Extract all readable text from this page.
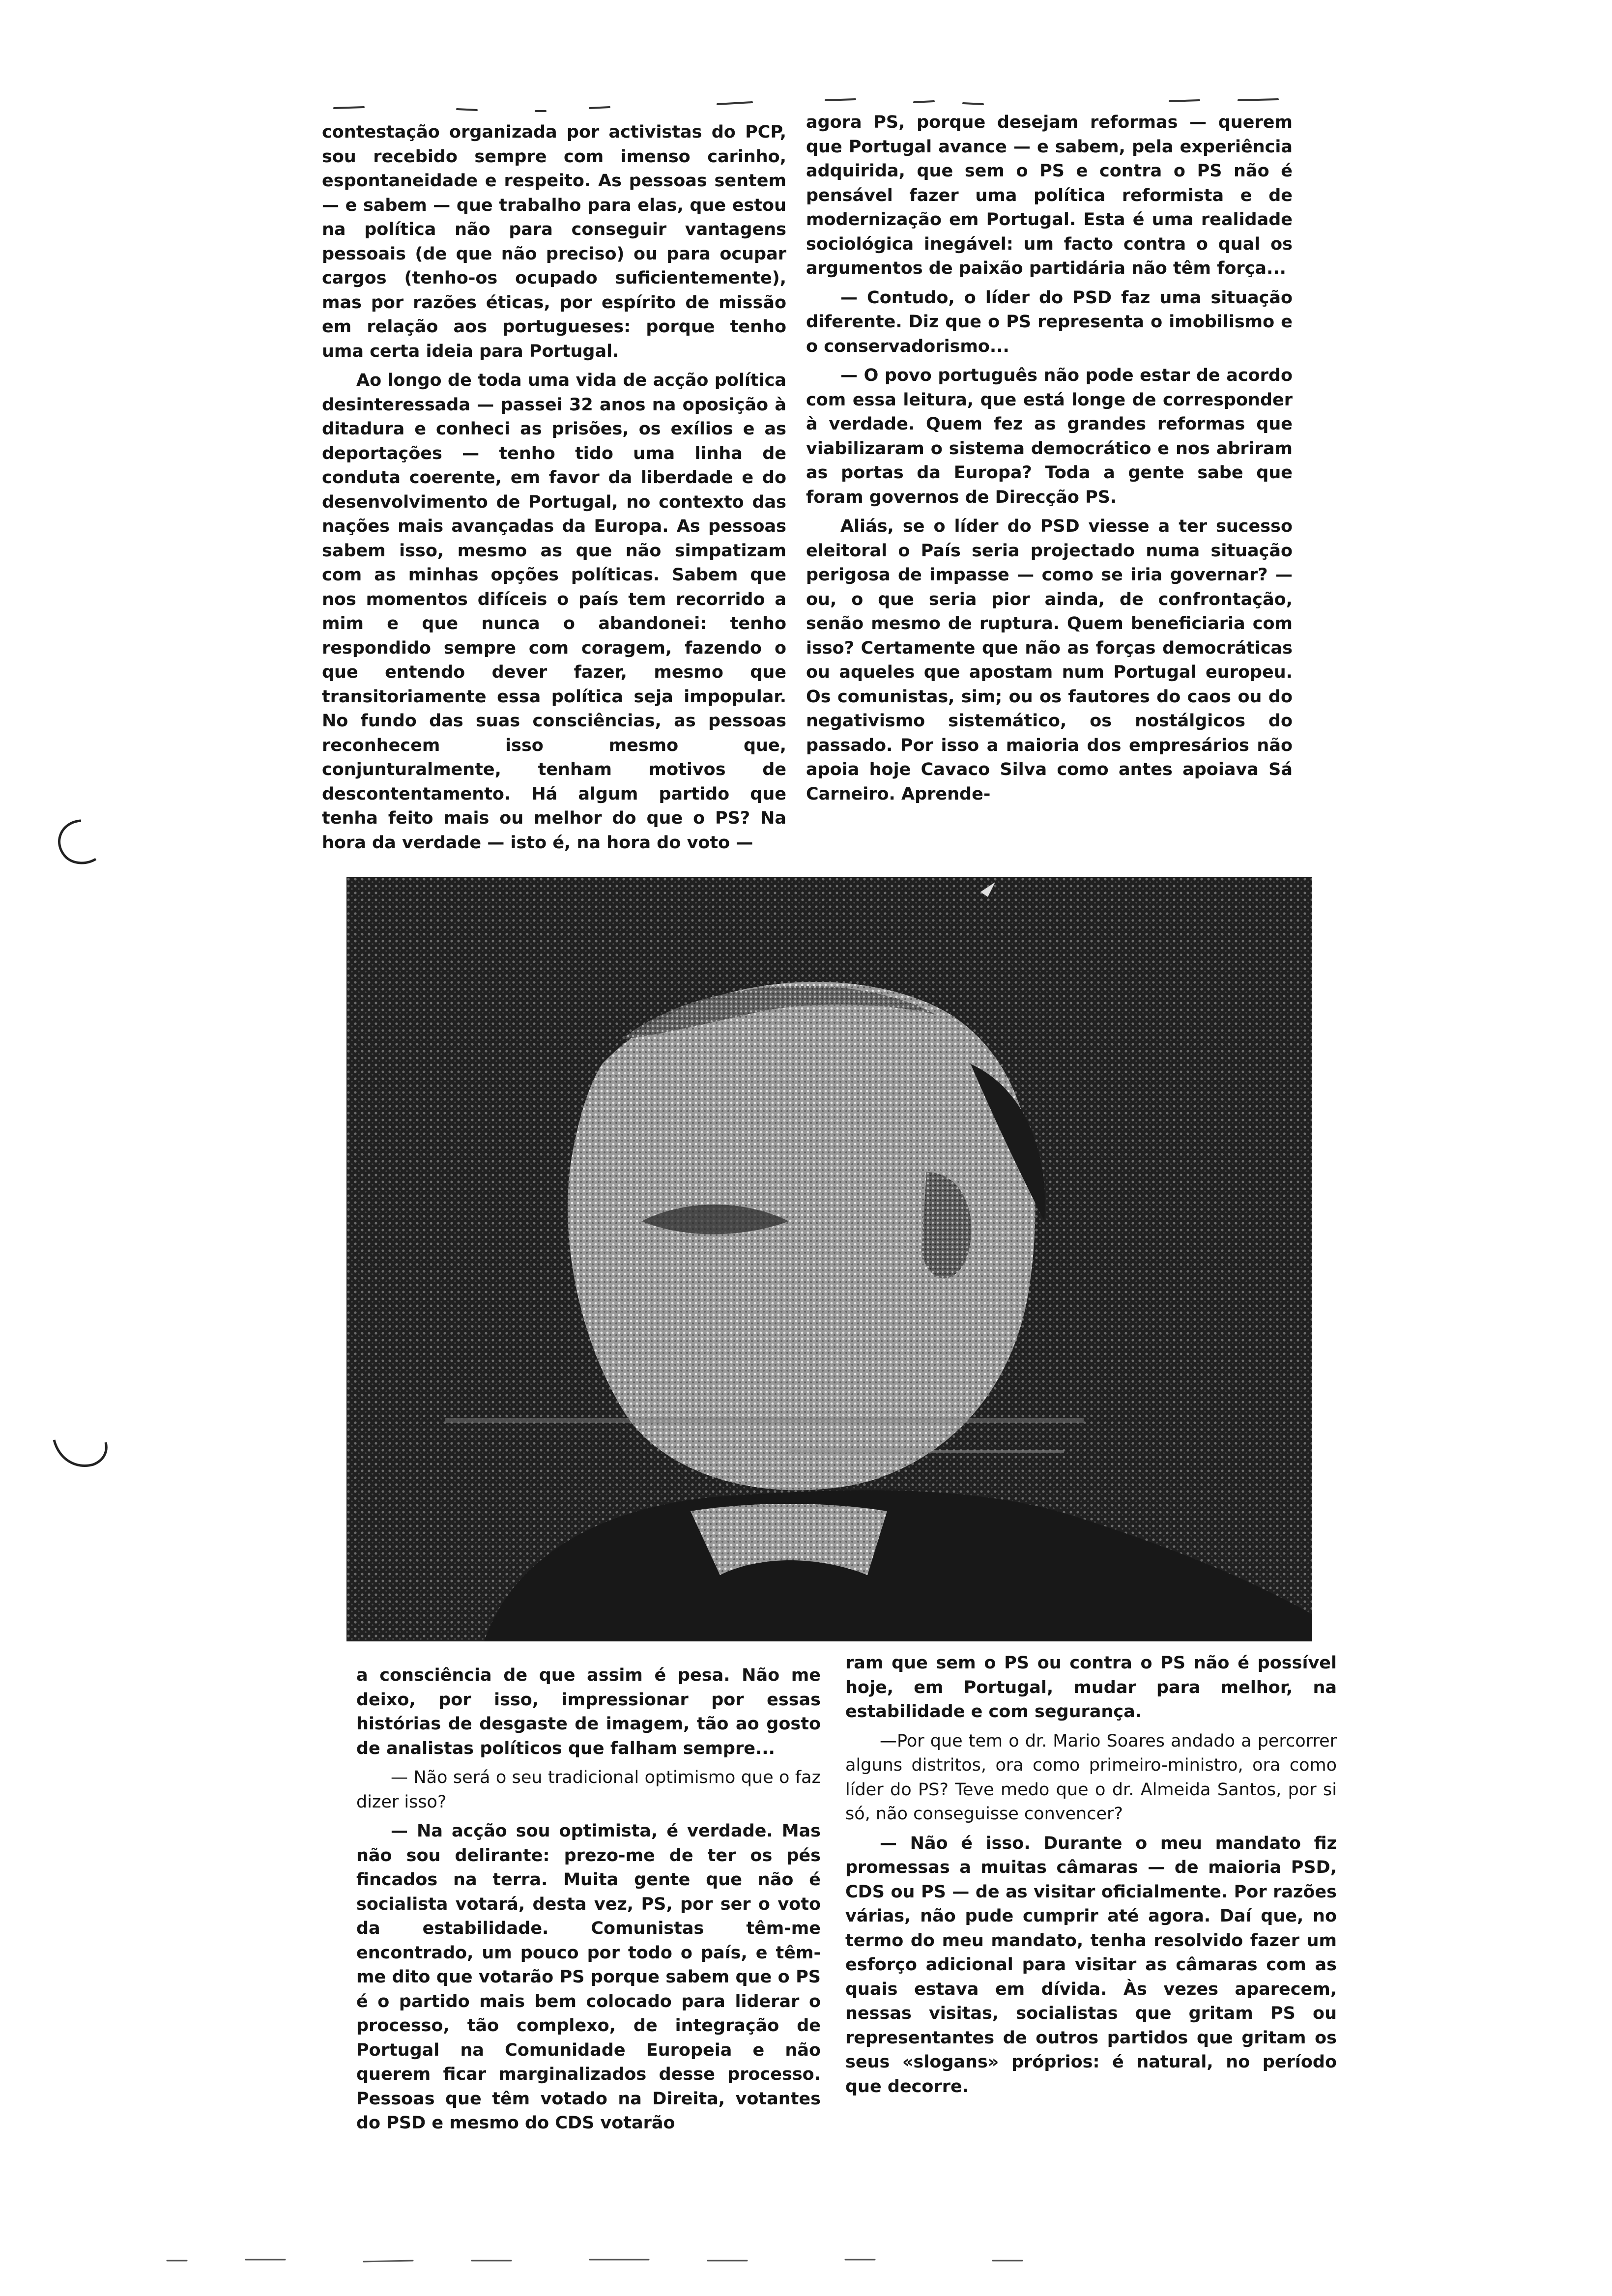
contestação organizada por activistas do PCP, sou recebido sempre com imenso carinho, espontaneidade e respeito. As pessoas sentem — e sabem — que trabalho para elas, que estou na política não para conseguir vantagens pessoais (de que não preciso) ou para ocupar cargos (tenho-os ocupado suficientemente), mas por razões éticas, por espírito de missão em relação aos portugueses: porque tenho uma certa ideia para Portugal.

Ao longo de toda uma vida de acção política desinteressada — passei 32 anos na oposição à ditadura e conheci as prisões, os exílios e as deportações — tenho tido uma linha de conduta coerente, em favor da liberdade e do desenvolvimento de Portugal, no contexto das nações mais avançadas da Europa. As pessoas sabem isso, mesmo as que não simpatizam com as minhas opções políticas. Sabem que nos momentos difíceis o país tem recorrido a mim e que nunca o abandonei: tenho respondido sempre com coragem, fazendo o que entendo dever fazer, mesmo que transitoriamente essa política seja impopular. No fundo das suas consciências, as pessoas reconhecem isso mesmo que, conjunturalmente, tenham motivos de descontentamento. Há algum partido que tenha feito mais ou melhor do que o PS? Na hora da verdade — isto é, na hora do voto —

agora PS, porque desejam reformas — querem que Portugal avance — e sabem, pela experiência adquirida, que sem o PS e contra o PS não é pensável fazer uma política reformista e de modernização em Portugal. Esta é uma realidade sociológica inegável: um facto contra o qual os argumentos de paixão partidária não têm força...

— Contudo, o líder do PSD faz uma situação diferente. Diz que o PS representa o imobilismo e o conservadorismo...

— O povo português não pode estar de acordo com essa leitura, que está longe de corresponder à verdade. Quem fez as grandes reformas que viabilizaram o sistema democrático e nos abriram as portas da Europa? Toda a gente sabe que foram governos de Direcção PS.

Aliás, se o líder do PSD viesse a ter sucesso eleitoral o País seria projectado numa situação perigosa de impasse — como se iria governar? — ou, o que seria pior ainda, de confrontação, senão mesmo de ruptura. Quem beneficiaria com isso? Certamente que não as forças democráticas ou aqueles que apostam num Portugal europeu. Os comunistas, sim; ou os fautores do caos ou do negativismo sistemático, os nostálgicos do passado. Por isso a maioria dos empresários não apoia hoje Cavaco Silva como antes apoiava Sá Carneiro. Aprende-

a consciência de que assim é pesa. Não me deixo, por isso, impressionar por essas histórias de desgaste de imagem, tão ao gosto de analistas políticos que falham sempre...

— Não será o seu tradicional optimismo que o faz dizer isso?

— Na acção sou optimista, é verdade. Mas não sou delirante: prezo-me de ter os pés fincados na terra. Muita gente que não é socialista votará, desta vez, PS, por ser o voto da estabilidade. Comunistas têm-me encontrado, um pouco por todo o país, e têm-me dito que votarão PS porque sabem que o PS é o partido mais bem colocado para liderar o processo, tão complexo, de integração de Portugal na Comunidade Europeia e não querem ficar marginalizados desse processo. Pessoas que têm votado na Direita, votantes do PSD e mesmo do CDS votarão

ram que sem o PS ou contra o PS não é possível hoje, em Portugal, mudar para melhor, na estabilidade e com segurança.

—Por que tem o dr. Mario Soares andado a percorrer alguns distritos, ora como primeiro-ministro, ora como líder do PS? Teve medo que o dr. Almeida Santos, por si só, não conseguisse convencer?

— Não é isso. Durante o meu mandato fiz promessas a muitas câmaras — de maioria PSD, CDS ou PS — de as visitar oficialmente. Por razões várias, não pude cumprir até agora. Daí que, no termo do meu mandato, tenha resolvido fazer um esforço adicional para visitar as câmaras com as quais estava em dívida. Às vezes aparecem, nessas visitas, socialistas que gritam PS ou representantes de outros partidos que gritam os seus «slogans» próprios: é natural, no período que decorre.
